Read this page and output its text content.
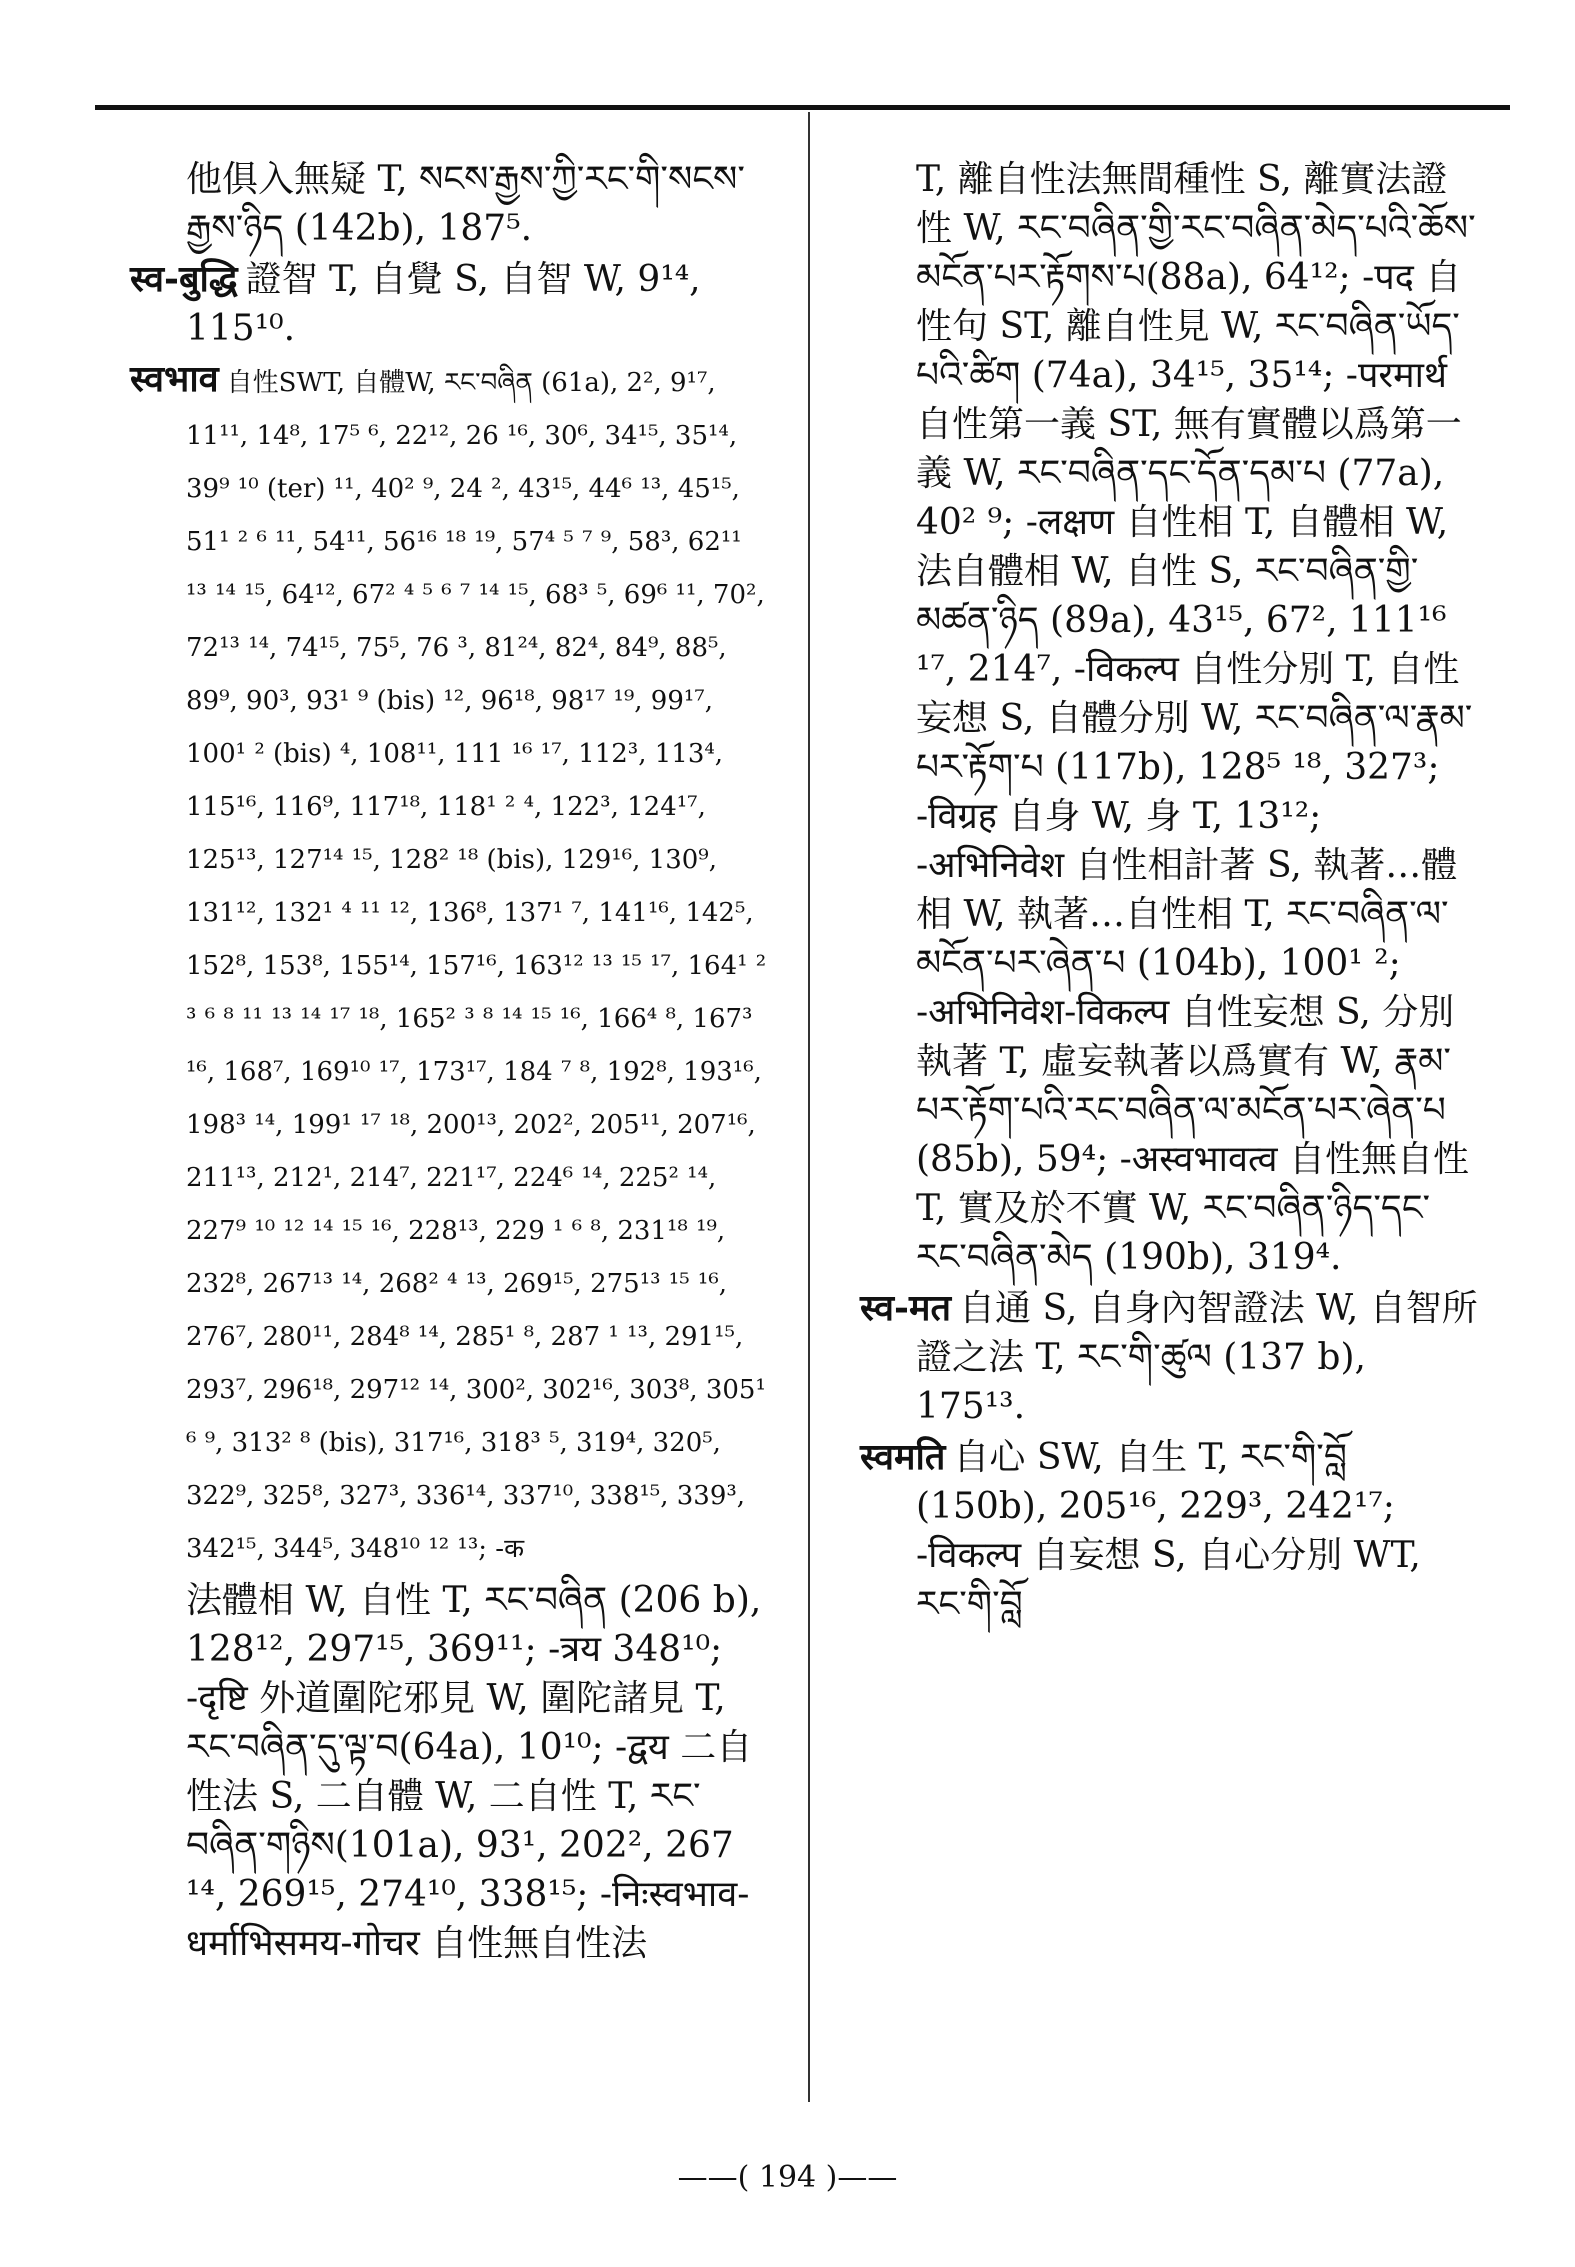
他俱入無疑 T, སངས་རྒྱས་ཀྱི་རང་གི་སངས་རྒྱས་ཉིད (142b), 187⁵.

स्व-बुद्धि 證智 T, 自覺 S, 自智 W, 9¹⁴, 115¹⁰.

स्वभाव 自性SWT, 自體W, རང་བཞིན (61a), 2², 9¹⁷, 11¹¹, 14⁸, 17⁵ ⁶, 22¹², 26 ¹⁶, 30⁶, 34¹⁵, 35¹⁴, 39⁹ ¹⁰ (ter) ¹¹, 40² ⁹, 24 ², 43¹⁵, 44⁶ ¹³, 45¹⁵, 51¹ ² ⁶ ¹¹, 54¹¹, 56¹⁶ ¹⁸ ¹⁹, 57⁴ ⁵ ⁷ ⁹, 58³, 62¹¹ ¹³ ¹⁴ ¹⁵, 64¹², 67² ⁴ ⁵ ⁶ ⁷ ¹⁴ ¹⁵, 68³ ⁵, 69⁶ ¹¹, 70², 72¹³ ¹⁴, 74¹⁵, 75⁵, 76 ³, 81²⁴, 82⁴, 84⁹, 88⁵, 89⁹, 90³, 93¹ ⁹ (bis) ¹², 96¹⁸, 98¹⁷ ¹⁹, 99¹⁷, 100¹ ² (bis) ⁴, 108¹¹, 111 ¹⁶ ¹⁷, 112³, 113⁴, 115¹⁶, 116⁹, 117¹⁸, 118¹ ² ⁴, 122³, 124¹⁷, 125¹³, 127¹⁴ ¹⁵, 128² ¹⁸ (bis), 129¹⁶, 130⁹, 131¹², 132¹ ⁴ ¹¹ ¹², 136⁸, 137¹ ⁷, 141¹⁶, 142⁵, 152⁸, 153⁸, 155¹⁴, 157¹⁶, 163¹² ¹³ ¹⁵ ¹⁷, 164¹ ² ³ ⁶ ⁸ ¹¹ ¹³ ¹⁴ ¹⁷ ¹⁸, 165² ³ ⁸ ¹⁴ ¹⁵ ¹⁶, 166⁴ ⁸, 167³ ¹⁶, 168⁷, 169¹⁰ ¹⁷, 173¹⁷, 184 ⁷ ⁸, 192⁸, 193¹⁶, 198³ ¹⁴, 199¹ ¹⁷ ¹⁸, 200¹³, 202², 205¹¹, 207¹⁶, 211¹³, 212¹, 214⁷, 221¹⁷, 224⁶ ¹⁴, 225² ¹⁴, 227⁹ ¹⁰ ¹² ¹⁴ ¹⁵ ¹⁶, 228¹³, 229 ¹ ⁶ ⁸, 231¹⁸ ¹⁹, 232⁸, 267¹³ ¹⁴, 268² ⁴ ¹³, 269¹⁵, 275¹³ ¹⁵ ¹⁶, 276⁷, 280¹¹, 284⁸ ¹⁴, 285¹ ⁸, 287 ¹ ¹³, 291¹⁵, 293⁷, 296¹⁸, 297¹² ¹⁴, 300², 302¹⁶, 303⁸, 305¹ ⁶ ⁹, 313² ⁸ (bis), 317¹⁶, 318³ ⁵, 319⁴, 320⁵, 322⁹, 325⁸, 327³, 336¹⁴, 337¹⁰, 338¹⁵, 339³, 342¹⁵, 344⁵, 348¹⁰ ¹² ¹³; -क

法體相 W, 自性 T, རང་བཞིན (206 b), 128¹², 297¹⁵, 369¹¹; -त्रय 348¹⁰; -दृष्टि 外道圍陀邪見 W, 圍陀諸見 T, རང་བཞིན་དུ་ལྟ་བ(64a), 10¹⁰; -द्वय 二自性法 S, 二自體 W, 二自性 T, རང་བཞིན་གཉིས(101a), 93¹, 202², 267 ¹⁴, 269¹⁵, 274¹⁰, 338¹⁵; -निःस्वभाव-धर्माभिसमय-गोचर 自性無自性法

T, 離自性法無間種性 S, 離實法證性 W, རང་བཞིན་གྱི་རང་བཞིན་མེད་པའི་ཆོས་མངོན་པར་རྟོགས་པ(88a), 64¹²; -पद 自性句 ST, 離自性見 W, རང་བཞིན་ཡོད་པའི་ཚིག (74a), 34¹⁵, 35¹⁴; -परमार्थ 自性第一義 ST, 無有實體以爲第一義 W, རང་བཞིན་དང་དོན་དམ་པ (77a), 40² ⁹; -लक्षण 自性相 T, 自體相 W, 法自體相 W, 自性 S, རང་བཞིན་གྱི་མཚན་ཉིད (89a), 43¹⁵, 67², 111¹⁶ ¹⁷, 214⁷, -विकल्प 自性分別 T, 自性妄想 S, 自體分別 W, རང་བཞིན་ལ་རྣམ་པར་རྟོག་པ (117b), 128⁵ ¹⁸, 327³; -विग्रह 自身 W, 身 T, 13¹²; -अभिनिवेश 自性相計著 S, 執著…體相 W, 執著…自性相 T, རང་བཞིན་ལ་མངོན་པར་ཞེན་པ (104b), 100¹ ²; -अभिनिवेश-विकल्प 自性妄想 S, 分別執著 T, 虛妄執著以爲實有 W, རྣམ་པར་རྟོག་པའི་རང་བཞིན་ལ་མངོན་པར་ཞེན་པ (85b), 59⁴; -अस्वभावत्व 自性無自性 T, 實及於不實 W, རང་བཞིན་ཉིད་དང་རང་བཞིན་མེད (190b), 319⁴.

स्व-मत 自通 S, 自身內智證法 W, 自智所證之法 T, རང་གི་ཚུལ (137 b), 175¹³.

स्वमति 自心 SW, 自生 T, རང་གི་བློ (150b), 205¹⁶, 229³, 242¹⁷; -विकल्प 自妄想 S, 自心分別 WT, རང་གི་བློ

——( 194 )——
